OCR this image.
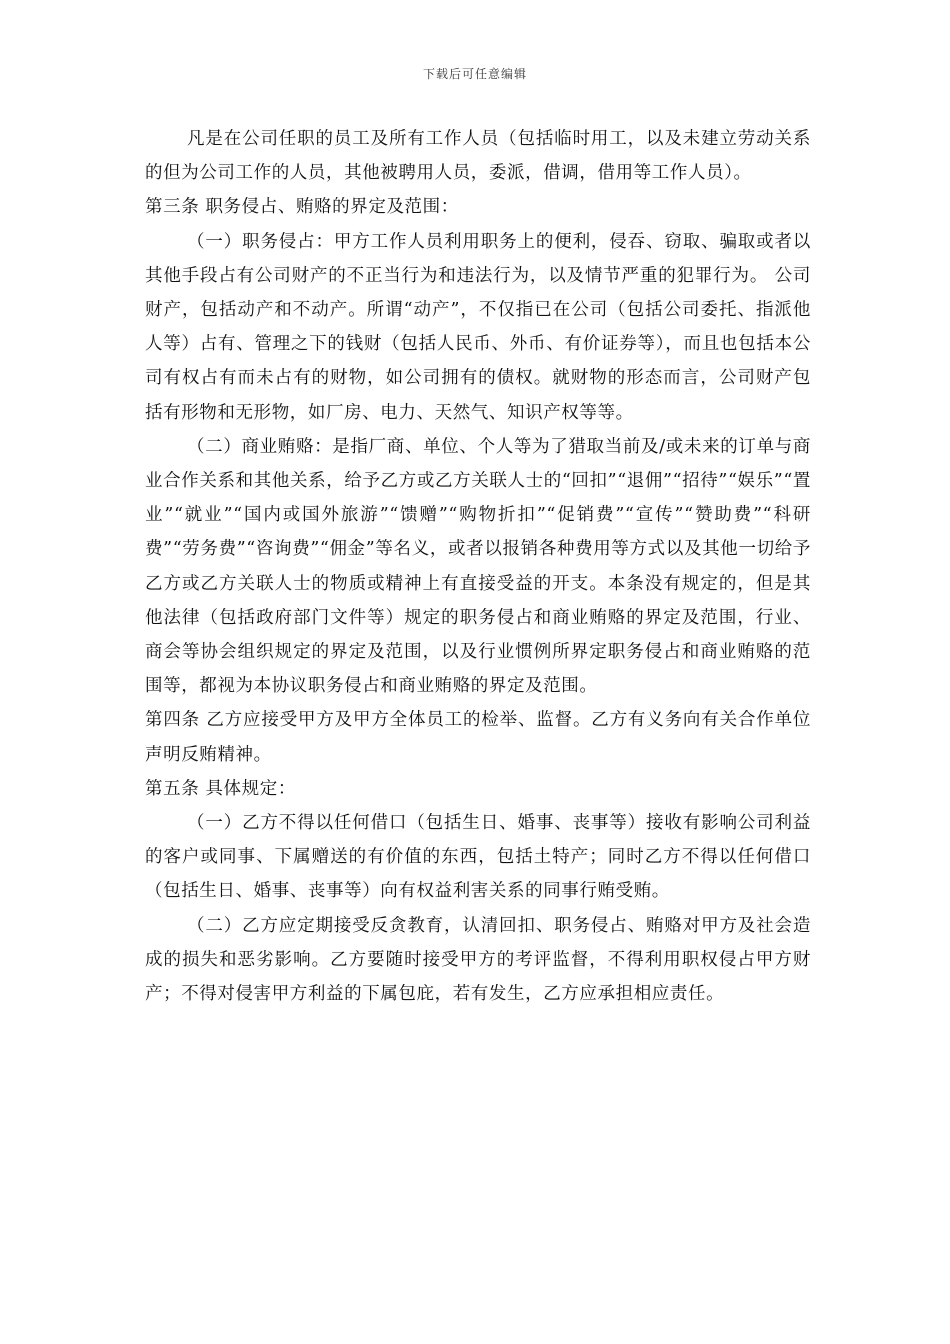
下载后可任意编辑

凡是在公司任职的员工及所有工作人员（包括临时用工，以及未建立劳动关系的但为公司工作的人员，其他被聘用人员，委派，借调，借用等工作人员）。

第三条 职务侵占、贿赂的界定及范围：

（一）职务侵占：甲方工作人员利用职务上的便利，侵吞、窃取、骗取或者以其他手段占有公司财产的不正当行为和违法行为，以及情节严重的犯罪行为。 公司财产，包括动产和不动产。所谓“动产”，不仅指已在公司（包括公司委托、指派他人等）占有、管理之下的钱财（包括人民币、外币、有价证券等），而且也包括本公司有权占有而未占有的财物，如公司拥有的债权。就财物的形态而言，公司财产包括有形物和无形物，如厂房、电力、天然气、知识产权等等。

（二）商业贿赂：是指厂商、单位、个人等为了猎取当前及/或未来的订单与商业合作关系和其他关系，给予乙方或乙方关联人士的“回扣”“退佣”“招待”“娱乐”“置业”“就业”“国内或国外旅游”“馈赠”“购物折扣”“促销费”“宣传”“赞助费”“科研费”“劳务费”“咨询费”“佣金”等名义，或者以报销各种费用等方式以及其他一切给予乙方或乙方关联人士的物质或精神上有直接受益的开支。本条没有规定的，但是其他法律（包括政府部门文件等）规定的职务侵占和商业贿赂的界定及范围，行业、商会等协会组织规定的界定及范围，以及行业惯例所界定职务侵占和商业贿赂的范围等，都视为本协议职务侵占和商业贿赂的界定及范围。

第四条 乙方应接受甲方及甲方全体员工的检举、监督。乙方有义务向有关合作单位声明反贿精神。

第五条 具体规定：

（一）乙方不得以任何借口（包括生日、婚事、丧事等）接收有影响公司利益的客户或同事、下属赠送的有价值的东西，包括土特产；同时乙方不得以任何借口（包括生日、婚事、丧事等）向有权益利害关系的同事行贿受贿。

（二）乙方应定期接受反贪教育，认清回扣、职务侵占、贿赂对甲方及社会造成的损失和恶劣影响。乙方要随时接受甲方的考评监督，不得利用职权侵占甲方财产；不得对侵害甲方利益的下属包庇，若有发生，乙方应承担相应责任。
